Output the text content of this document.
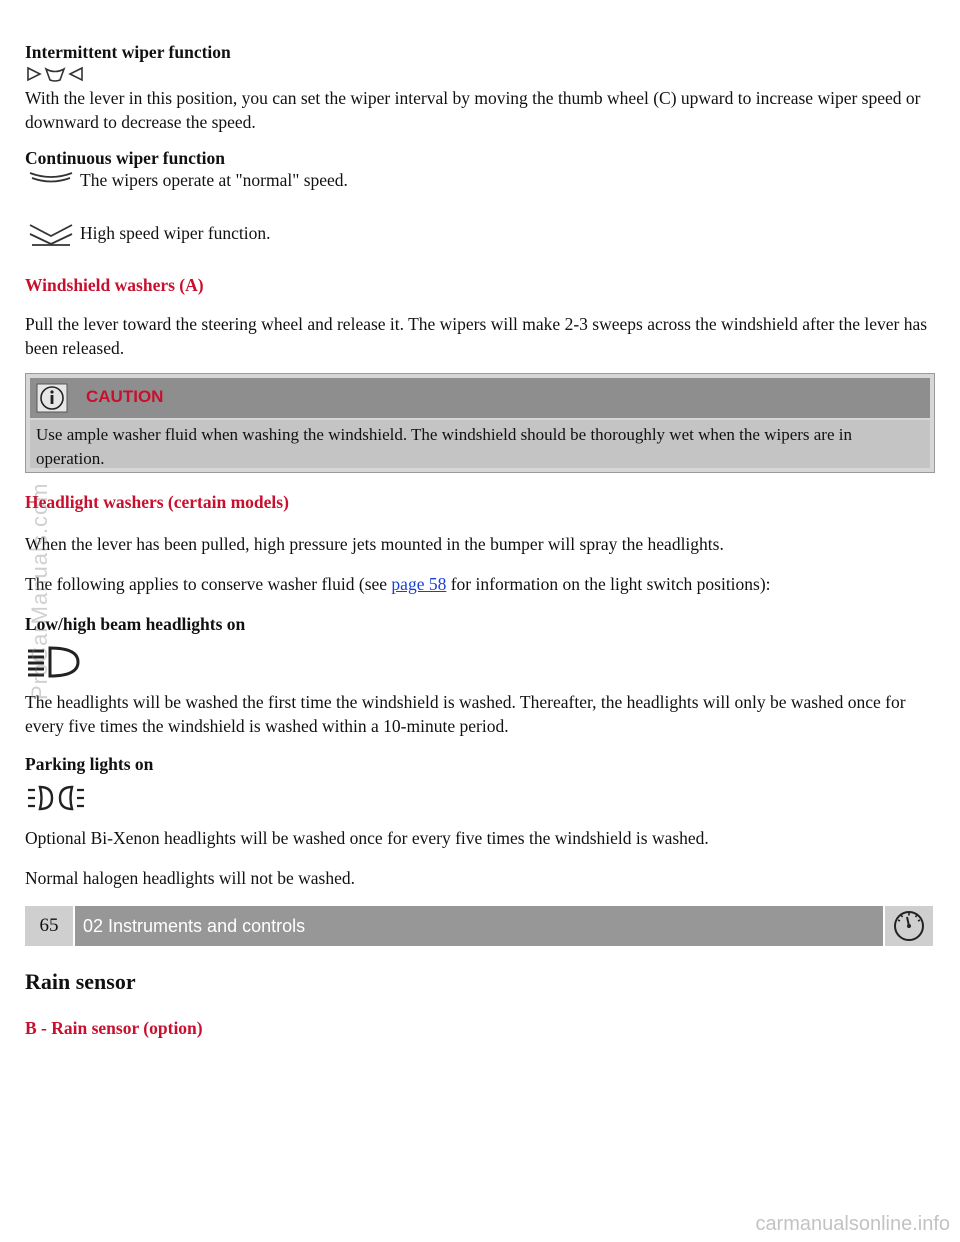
Intermittent wiper function
With the lever in this position, you can set the wiper interval by moving the thumb wheel (C) upward to increase wiper speed or downward to decrease the speed.
Continuous wiper function
The wipers operate at "normal" speed.
High speed wiper function.
Windshield washers (A)
Pull the lever toward the steering wheel and release it. The wipers will make 2-3 sweeps across the windshield after the lever has been released.
CAUTION
Use ample washer fluid when washing the windshield. The windshield should be thoroughly wet when the wipers are in operation.
Headlight washers (certain models)
When the lever has been pulled, high pressure jets mounted in the bumper will spray the headlights.
The following applies to conserve washer fluid (see page 58 for information on the light switch positions):
Low/high beam headlights on
The headlights will be washed the first time the windshield is washed. Thereafter, the headlights will only be washed once for every five times the windshield is washed within a 10-minute period.
Parking lights on
Optional Bi-Xenon headlights will be washed once for every five times the windshield is washed.
Normal halogen headlights will not be washed.
65	02 Instruments and controls
Rain sensor
B - Rain sensor (option)
ProCarManuals.com
carmanualsonline.info
